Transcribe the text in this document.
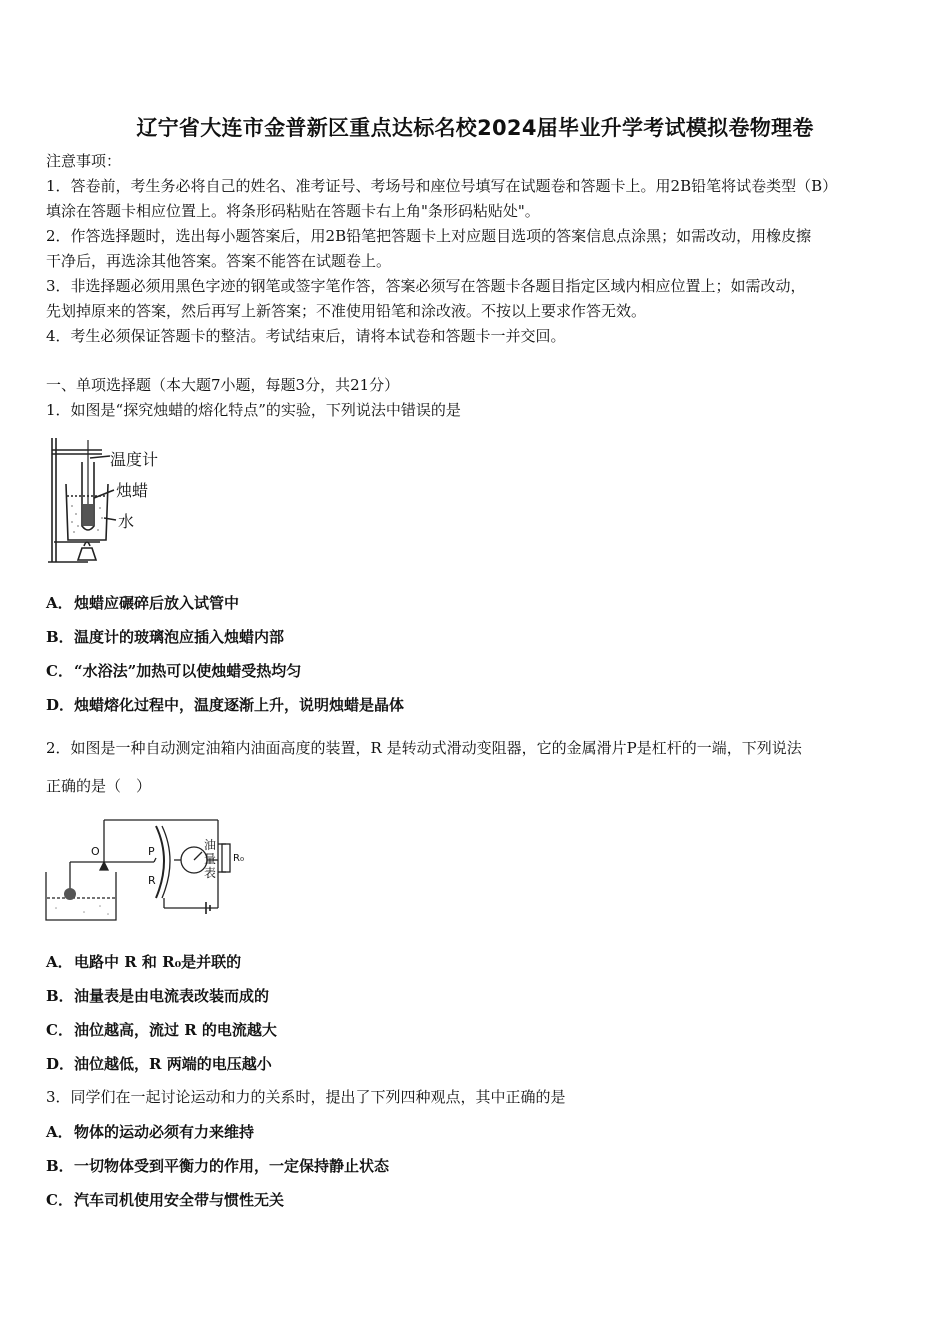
辽宁省大连市金普新区重点达标名校2024届毕业升学考试模拟卷物理卷
注意事项：
1．答卷前，考生务必将自己的姓名、准考证号、考场号和座位号填写在试题卷和答题卡上。用2B铅笔将试卷类型（B）
填涂在答题卡相应位置上。将条形码粘贴在答题卡右上角"条形码粘贴处"。
2．作答选择题时，选出每小题答案后，用2B铅笔把答题卡上对应题目选项的答案信息点涂黑；如需改动，用橡皮擦
干净后，再选涂其他答案。答案不能答在试题卷上。
3．非选择题必须用黑色字迹的钢笔或签字笔作答，答案必须写在答题卡各题目指定区域内相应位置上；如需改动，
先划掉原来的答案，然后再写上新答案；不准使用铅笔和涂改液。不按以上要求作答无效。
4．考生必须保证答题卡的整洁。考试结束后，请将本试卷和答题卡一并交回。
一、单项选择题（本大题7小题，每题3分，共21分）
1．如图是“探究烛蜡的熔化特点”的实验，下列说法中错误的是
温度计
烛蜡
水
A．烛蜡应碾碎后放入试管中
B．温度计的玻璃泡应插入烛蜡内部
C．“水浴法”加热可以使烛蜡受热均匀
D．烛蜡熔化过程中，温度逐渐上升，说明烛蜡是晶体
2．如图是一种自动测定油箱内油面高度的装置，R 是转动式滑动变阻器，它的金属滑片P是杠杆的一端，下列说法
正确的是（　）
O	P
R
油
量
表
R₀
A．电路中 R 和 R₀是并联的
B．油量表是由电流表改装而成的
C．油位越高，流过 R 的电流越大
D．油位越低，R 两端的电压越小
3．同学们在一起讨论运动和力的关系时，提出了下列四种观点，其中正确的是
A．物体的运动必须有力来维持
B．一切物体受到平衡力的作用，一定保持静止状态
C．汽车司机使用安全带与惯性无关
